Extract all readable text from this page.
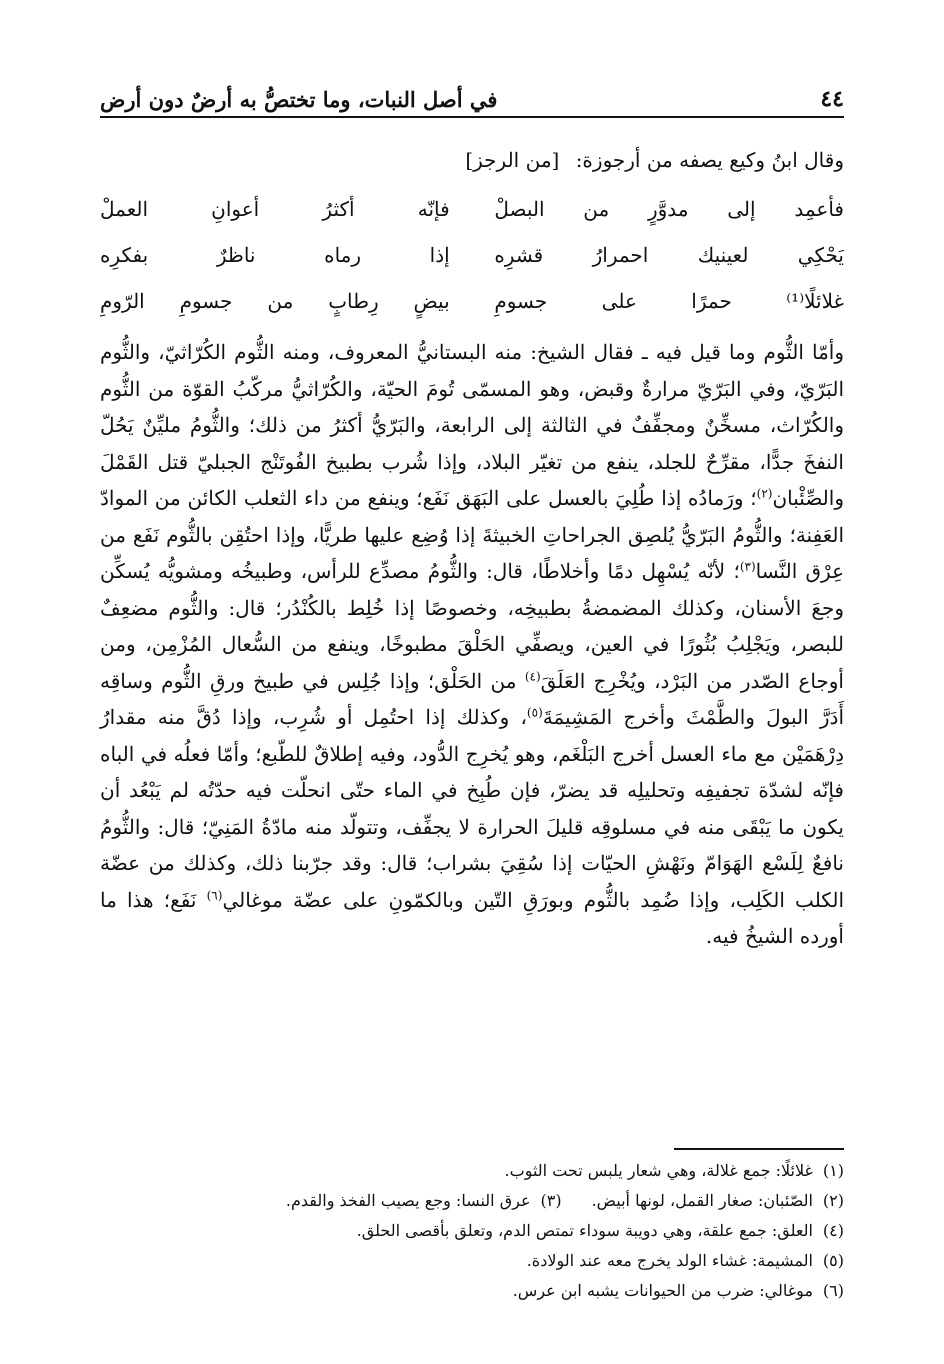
٤٤
في أصل النبات، وما تختصُّ به أرضٌ دون أرض

وقال ابنُ وكيع يصفه من أرجوزة: [من الرجز]

فأعمِد إلى مدوَّرٍ من البصلْ
فإنّه أكثرُ أعوانِ العملْ
يَحْكِي لعينيك احمرارُ قشرِه
إذا رماه ناظرٌ بفكرِه
غلائلًا⁽¹⁾ حمرًا على جسومِ
بيضٍ رِطابٍ من جسومِ الرّومِ

وأمّا الثُّوم وما قيل فيه ـ فقال الشيخ: منه البستانيُّ المعروف، ومنه الثُّوم الكُرّاثيّ، والثُّوم البَرّيّ، وفي البَرّيّ مرارةٌ وقبض، وهو المسمّى تُومَ الحيّة، والكُرّاثيُّ مركّبُ القوّة من الثُّوم والكُرّاث، مسخِّنٌ ومجفِّفٌ في الثالثة إلى الرابعة، والبَرّيُّ أكثرُ من ذلك؛ والثُّومُ مليِّنٌ يَحُلّ النفخَ جدًّا، مقرِّحٌ للجلد، ينفع من تغيّر البلاد، وإذا شُرب بطبيخ الفُوتَنْج الجبليّ قتل القَمْلَ والصِّئْبان$^{(٢)}$؛ ورَمادُه إذا طُلِيَ بالعسل على البَهَق نَفَع؛ وينفع من داء الثعلب الكائن من الموادّ العَفِنة؛ والثُّومُ البَرّيُّ يُلصِق الجراحاتِ الخبيثةَ إذا وُضِع عليها طريًّا، وإذا احتُقِن بالثُّوم نَفَع من عِرْق النَّسا$^{(٣)}$؛ لأنّه يُسْهِل دمًا وأخلاطًا، قال: والثُّومُ مصدِّع للرأس، وطبيخُه ومشويُّه يُسكِّن وجعَ الأسنان، وكذلك المضمضةُ بطبيخِه، وخصوصًا إذا خُلِط بالكُنْدُر؛ قال: والثُّوم مضعِفٌ للبصر، ويَجْلِبُ بُثُورًا في العين، ويصفِّي الحَلْقَ مطبوخًا، وينفع من السُّعال المُزْمِن، ومن أوجاع الصّدر من البَرْد، ويُخْرِج العَلَقَ$^{(٤)}$ من الحَلْق؛ وإذا جُلِس في طبيخ ورقِ الثُّوم وساقِه أَدَرَّ البولَ والطَّمْثَ وأخرج المَشِيمَةَ$^{(٥)}$، وكذلك إذا احتُمِل أو شُرِب، وإذا دُقَّ منه مقدارُ دِرْهَمَيْن مع ماء العسل أخرج البَلْغَم، وهو يُخرِج الدُّود، وفيه إطلاقٌ للطّبع؛ وأمّا فعلُه في الباه فإنّه لشدّة تجفيفِه وتحليلِه قد يضرّ، فإن طُبِخ في الماء حتّى انحلّت فيه حدّتُه لم يَبْعُد أن يكون ما يَبْقَى منه في مسلوقِه قليلَ الحرارة لا يجفِّف، وتتولّد منه مادّةُ المَنِيّ؛ قال: والثُّومُ نافعٌ لِلَسْع الهَوَامّ ونَهْشِ الحيّات إذا سُقِيَ بشراب؛ قال: وقد جرّبنا ذلك، وكذلك من عضّة الكلب الكَلِب، وإذا ضُمِد بالثُّوم وبورَقِ التّين وبالكمّونِ على عضّة موغالي$^{(٦)}$ نَفَع؛ هذا ما أورده الشيخُ فيه.

(١)غلائلًا: جمع غلالة، وهي شعار يلبس تحت الثوب.
(٢)الصّئبان: صغار القمل، لونها أبيض.(٣)عرق النسا: وجع يصيب الفخذ والقدم.
(٤)العلق: جمع علقة، وهي دويبة سوداء تمتص الدم، وتعلق بأقصى الحلق.
(٥)المشيمة: غشاء الولد يخرج معه عند الولادة.
(٦)موغالي: ضرب من الحيوانات يشبه ابن عرس.
